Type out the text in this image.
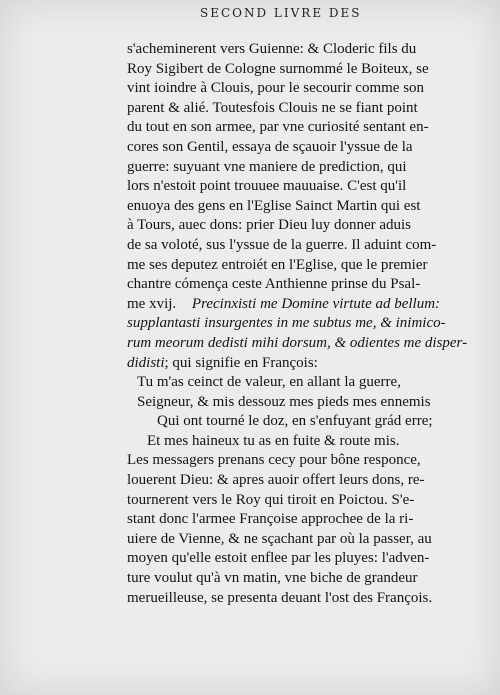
SECOND LIVRE DES
s'acheminerent vers Guienne: & Cloderic fils du
Roy Sigibert de Cologne surnommé le Boiteux, se
vint ioindre à Clouis, pour le secourir comme son
parent & alié. Toutesfois Clouis ne se fiant point
du tout en son armee, par vne curiosité sentant en-
cores son Gentil, essaya de sçauoir l'yssue de la
guerre: suyuant vne maniere de prediction, qui
lors n'estoit point trouuee mauuaise. C'est qu'il
enuoya des gens en l'Eglise Sainct Martin qui est
à Tours, auec dons: prier Dieu luy donner aduis
de sa voloté, sus l'yssue de la guerre. Il aduint com-
me ses deputez entroiét en l'Eglise, que le premier
chantre cómença ceste Anthienne prinse du Psal-
me xvij. Precinxisti me Domine virtute ad bellum:
supplantasti insurgentes in me subtus me, & inimico-
rum meorum dedisti mihi dorsum, & odientes me disper-
didisti; qui signifie en François:
Tu m'as ceinct de valeur, en allant la guerre,
Seigneur, & mis dessouz mes pieds mes ennemis
Qui ont tourné le doz, en s'enfuyant grád erre;
Et mes haineux tu as en fuite & route mis.
Les messagers prenans cecy pour bône responce,
louerent Dieu: & apres auoir offert leurs dons, re-
tournerent vers le Roy qui tiroit en Poictou. S'e-
stant donc l'armee Françoise approchee de la ri-
uiere de Vienne, & ne sçachant par où la passer, au
moyen qu'elle estoit enflee par les pluyes: l'adven-
ture voulut qu'à vn matin, vne biche de grandeur
merueilleuse, se presenta deuant l'ost des François.
